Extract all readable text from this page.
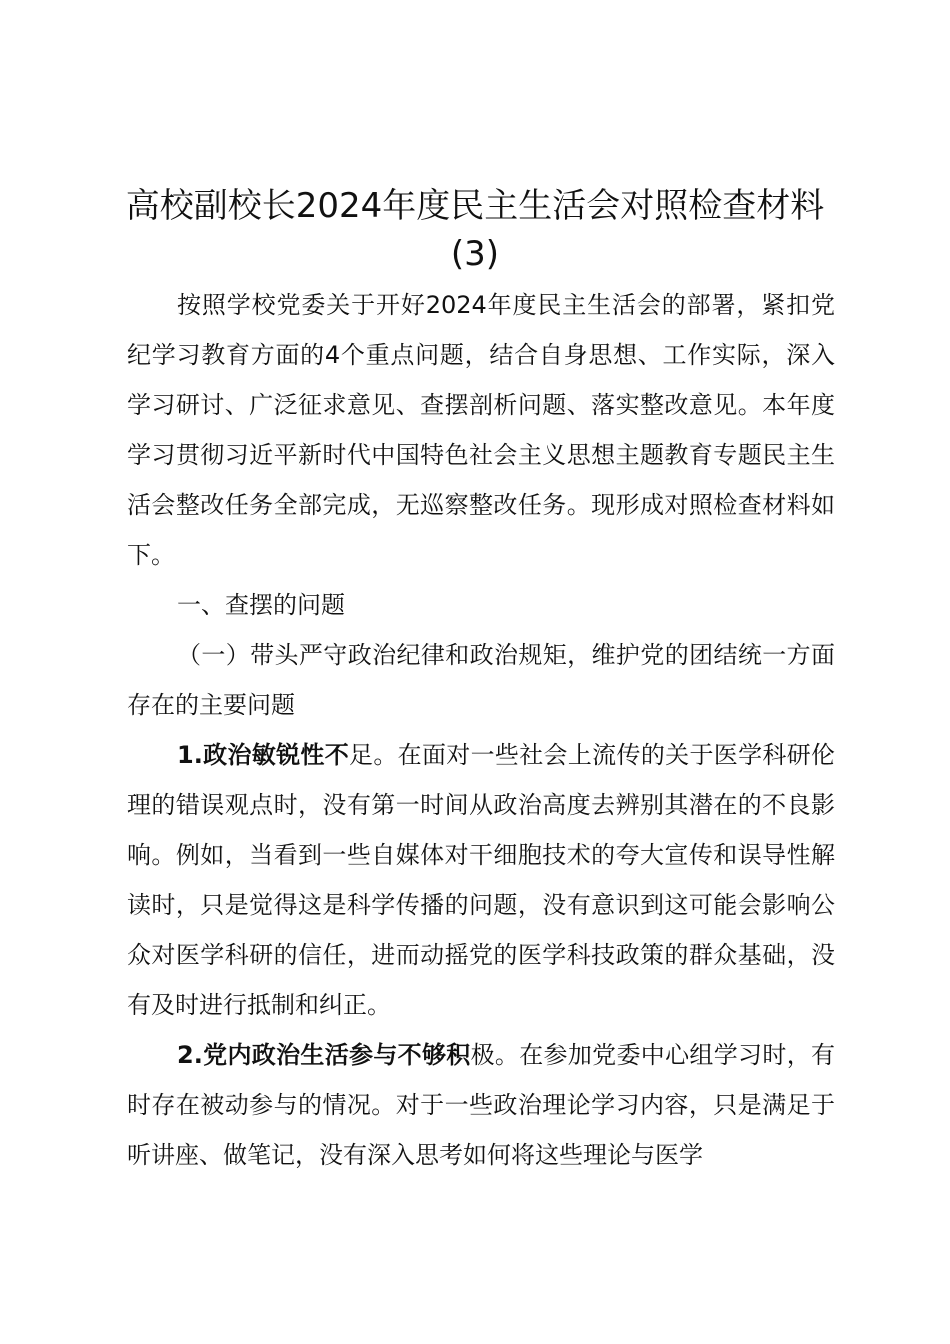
高校副校长2024年度民主生活会对照检查材料(3)

按照学校党委关于开好2024年度民主生活会的部署，紧扣党纪学习教育方面的4个重点问题，结合自身思想、工作实际，深入学习研讨、广泛征求意见、查摆剖析问题、落实整改意见。本年度学习贯彻习近平新时代中国特色社会主义思想主题教育专题民主生活会整改任务全部完成，无巡察整改任务。现形成对照检查材料如下。

一、查摆的问题

（一）带头严守政治纪律和政治规矩，维护党的团结统一方面存在的主要问题

1.政治敏锐性不足。在面对一些社会上流传的关于医学科研伦理的错误观点时，没有第一时间从政治高度去辨别其潜在的不良影响。例如，当看到一些自媒体对干细胞技术的夸大宣传和误导性解读时，只是觉得这是科学传播的问题，没有意识到这可能会影响公众对医学科研的信任，进而动摇党的医学科技政策的群众基础，没有及时进行抵制和纠正。

2.党内政治生活参与不够积极。在参加党委中心组学习时，有时存在被动参与的情况。对于一些政治理论学习内容，只是满足于听讲座、做笔记，没有深入思考如何将这些理论与医学
